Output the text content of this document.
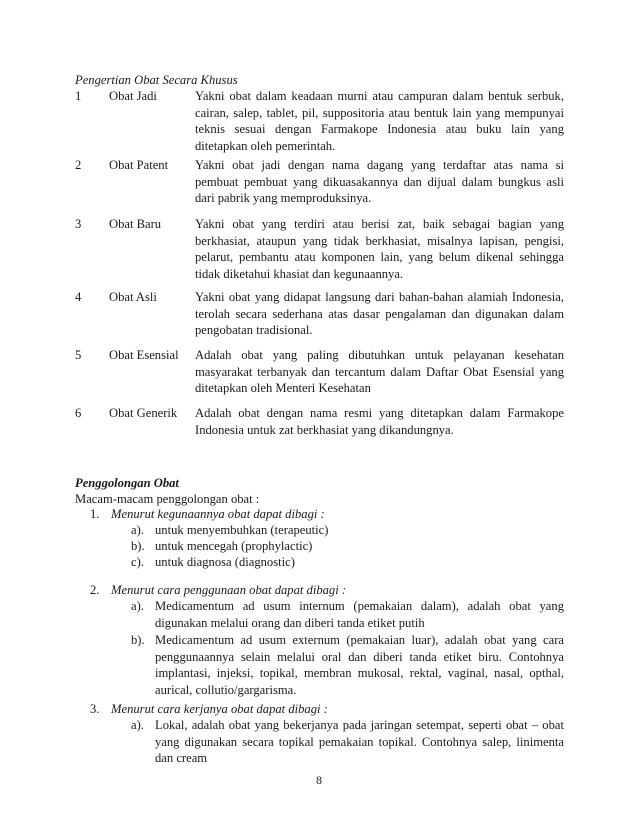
Pengertian Obat Secara Khusus
1 Obat Jadi	Yakni obat dalam keadaan murni atau campuran dalam bentuk serbuk,
cairan, salep, tablet, pil, suppositoria atau bentuk lain yang mempunyai
teknis sesuai dengan Farmakope Indonesia atau buku lain yang
ditetapkan oleh pemerintah.
2 Obat Patent Yakni obat jadi dengan nama dagang yang terdaftar atas nama si
pembuat pembuat yang dikuasakannya dan dijual dalam bungkus asli
dari pabrik yang memproduksinya.
3 Obat Baru	Yakni obat yang terdiri atau berisi zat, baik sebagai bagian yang
berkhasiat, ataupun yang tidak berkhasiat, misalnya lapisan, pengisi,
pelarut, pembantu atau komponen lain, yang belum dikenal sehingga
tidak diketahui khasiat dan kegunaannya.
4 Obat Asli	Yakni obat yang didapat langsung dari bahan-bahan alamiah Indonesia,
terolah secara sederhana atas dasar pengalaman dan digunakan dalam
pengobatan tradisional.
5 Obat Esensial Adalah obat yang paling dibutuhkan untuk pelayanan kesehatan
masyarakat terbanyak dan tercantum dalam Daftar Obat Esensial yang
ditetapkan oleh Menteri Kesehatan
6 Obat Generik Adalah obat dengan nama resmi yang ditetapkan dalam Farmakope
Indonesia untuk zat berkhasiat yang dikandungnya.
Penggolongan Obat
Macam-macam penggolongan obat :
1. Menurut kegunaannya obat dapat dibagi :
a). untuk menyembuhkan (terapeutic)
b). untuk mencegah (prophylactic)
c). untuk diagnosa (diagnostic)
2. Menurut cara penggunaan obat dapat dibagi :
a). Medicamentum ad usum internum (pemakaian dalam), adalah obat yang
digunakan melalui orang dan diberi tanda etiket putih
b). Medicamentum ad usum externum (pemakaian luar), adalah obat yang cara
penggunaannya selain melalui oral dan diberi tanda etiket biru. Contohnya
implantasi, injeksi, topikal, membran mukosal, rektal, vaginal, nasal, opthal,
aurical, collutio/gargarisma.
3. Menurut cara kerjanya obat dapat dibagi :
a). Lokal, adalah obat yang bekerjanya pada jaringan setempat, seperti obat – obat
yang digunakan secara topikal pemakaian topikal. Contohnya salep, linimenta
dan cream
8
